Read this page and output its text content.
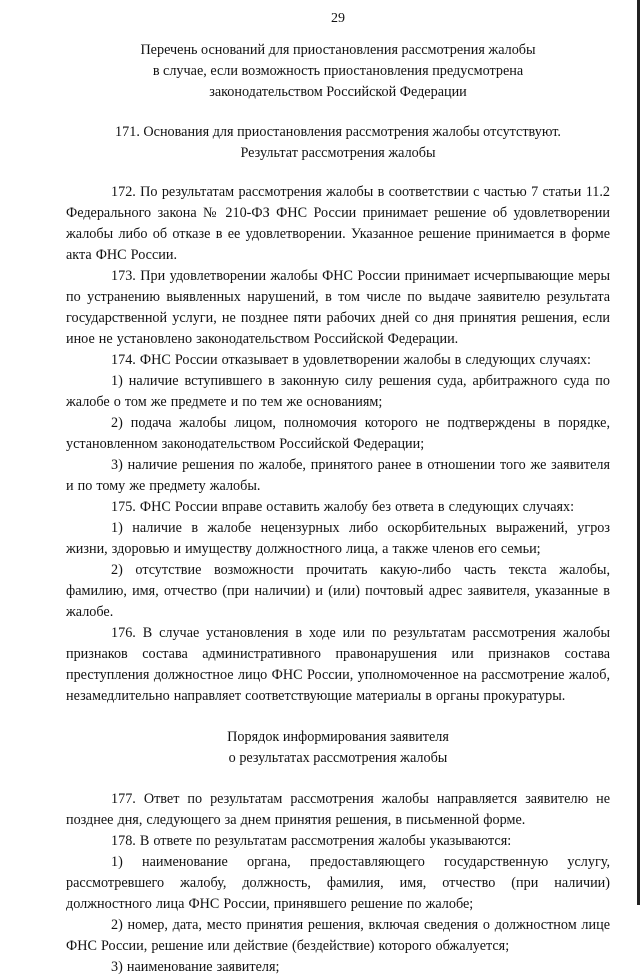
29
Перечень оснований для приостановления рассмотрения жалобы
в случае, если возможность приостановления предусмотрена
законодательством Российской Федерации
171. Основания для приостановления рассмотрения жалобы отсутствуют.
Результат рассмотрения жалобы

172. По результатам рассмотрения жалобы в соответствии с частью 7 статьи 11.2 Федерального закона № 210-ФЗ ФНС России принимает решение об удовлетворении жалобы либо об отказе в ее удовлетворении. Указанное решение принимается в форме акта ФНС России.

173. При удовлетворении жалобы ФНС России принимает исчерпывающие меры по устранению выявленных нарушений, в том числе по выдаче заявителю результата государственной услуги, не позднее пяти рабочих дней со дня принятия решения, если иное не установлено законодательством Российской Федерации.

174. ФНС России отказывает в удовлетворении жалобы в следующих случаях:

1) наличие вступившего в законную силу решения суда, арбитражного суда по жалобе о том же предмете и по тем же основаниям;

2) подача жалобы лицом, полномочия которого не подтверждены в порядке, установленном законодательством Российской Федерации;

3) наличие решения по жалобе, принятого ранее в отношении того же заявителя и по тому же предмету жалобы.

175. ФНС России вправе оставить жалобу без ответа в следующих случаях:

1) наличие в жалобе нецензурных либо оскорбительных выражений, угроз жизни, здоровью и имуществу должностного лица, а также членов его семьи;

2) отсутствие возможности прочитать какую-либо часть текста жалобы, фамилию, имя, отчество (при наличии) и (или) почтовый адрес заявителя, указанные в жалобе.

176. В случае установления в ходе или по результатам рассмотрения жалобы признаков состава административного правонарушения или признаков состава преступления должностное лицо ФНС России, уполномоченное на рассмотрение жалоб, незамедлительно направляет соответствующие материалы в органы прокуратуры.

Порядок информирования заявителя
о результатах рассмотрения жалобы

177. Ответ по результатам рассмотрения жалобы направляется заявителю не позднее дня, следующего за днем принятия решения, в письменной форме.

178. В ответе по результатам рассмотрения жалобы указываются:

1) наименование органа, предоставляющего государственную услугу, рассмотревшего жалобу, должность, фамилия, имя, отчество (при наличии) должностного лица ФНС России, принявшего решение по жалобе;

2) номер, дата, место принятия решения, включая сведения о должностном лице ФНС России, решение или действие (бездействие) которого обжалуется;

3) наименование заявителя;
